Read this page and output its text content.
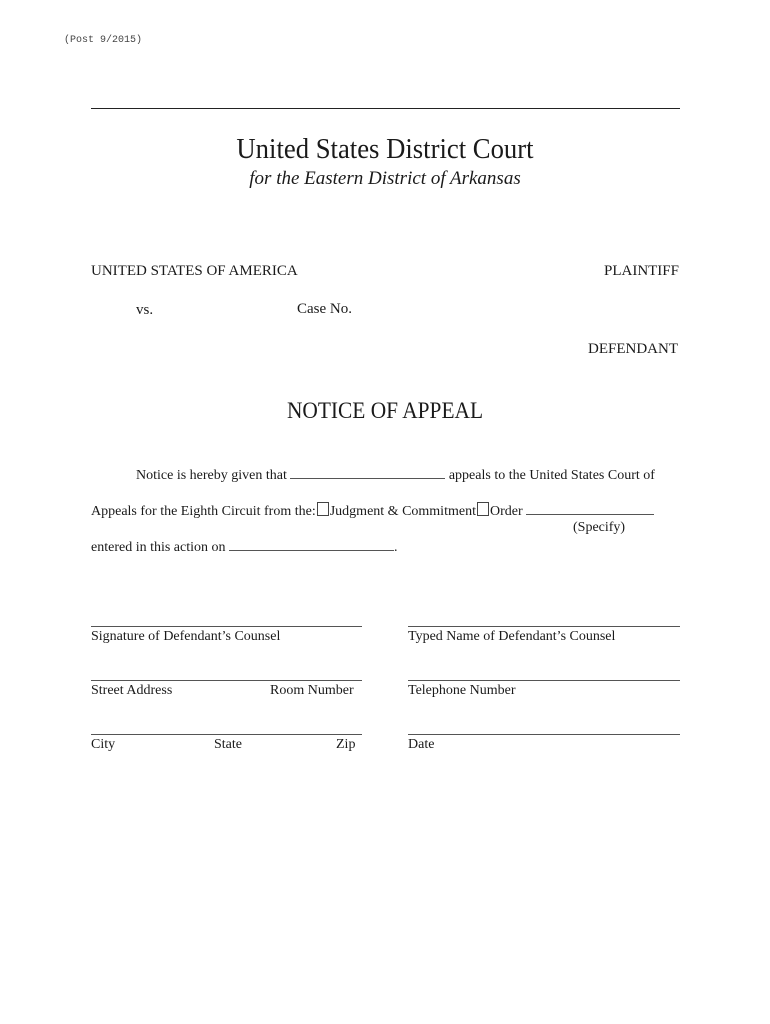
(Post 9/2015)
United States District Court
for the Eastern District of Arkansas
UNITED STATES OF AMERICA	PLAINTIFF
vs.	Case No.
DEFENDANT
NOTICE OF APPEAL
Notice is hereby given that	appeals to the United States Court of
Appeals for the Eighth Circuit from the: Judgment & Commitment Order
(Specify)
entered in this action on	.
Signature of Defendant’s Counsel	Typed Name of Defendant’s Counsel
Street Address	Room Number	Telephone Number
City	State	Zip	Date
